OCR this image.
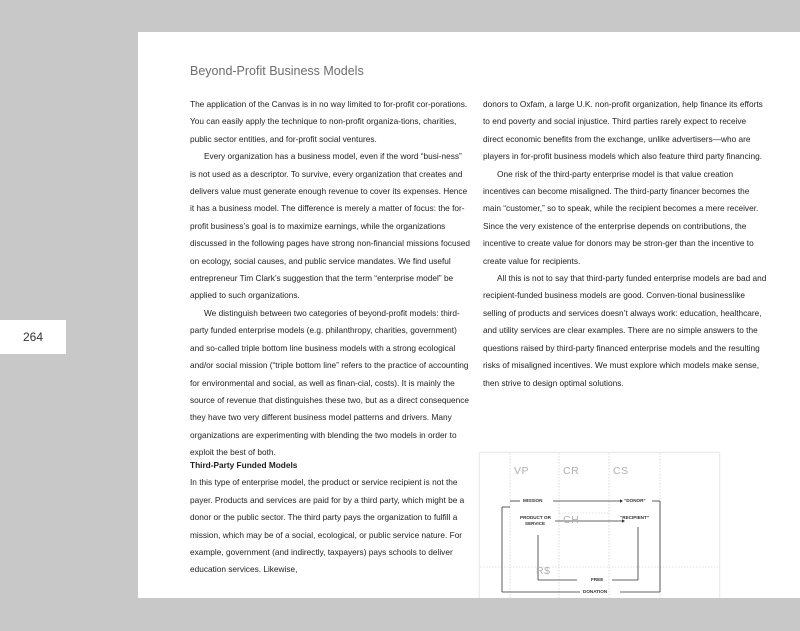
Beyond-Profit Business Models

The application of the Canvas is in no way limited to for-profit cor-porations. You can easily apply the technique to non-profit organiza-tions, charities, public sector entities, and for-profit social ventures.

Every organization has a business model, even if the word “busi-ness” is not used as a descriptor. To survive, every organization that creates and delivers value must generate enough revenue to cover its expenses. Hence it has a business model. The difference is merely a matter of focus: the for-profit business’s goal is to maximize earnings, while the organizations discussed in the following pages have strong non-financial missions focused on ecology, social causes, and public service mandates. We find useful entrepreneur Tim Clark’s suggestion that the term “enterprise model” be applied to such organizations.

We distinguish between two categories of beyond-profit models: third-party funded enterprise models (e.g. philanthropy, charities, government) and so-called triple bottom line business models with a strong ecological and/or social mission (“triple bottom line” refers to the practice of accounting for environmental and social, as well as finan-cial, costs). It is mainly the source of revenue that distinguishes these two, but as a direct consequence they have two very different business model patterns and drivers. Many organizations are experimenting with blending the two models in order to exploit the best of both.

donors to Oxfam, a large U.K. non-profit organization, help finance its efforts to end poverty and social injustice. Third parties rarely expect to receive direct economic benefits from the exchange, unlike advertisers—who are players in for-profit business models which also feature third party financing.

One risk of the third-party enterprise model is that value creation incentives can become misaligned. The third-party financer becomes the main “customer,” so to speak, while the recipient becomes a mere receiver. Since the very existence of the enterprise depends on contributions, the incentive to create value for donors may be stron-ger than the incentive to create value for recipients.

All this is not to say that third-party funded enterprise models are bad and recipient-funded business models are good. Conven-tional businesslike selling of products and services doesn’t always work: education, healthcare, and utility services are clear examples. There are no simple answers to the questions raised by third-party financed enterprise models and the resulting risks of misaligned incentives. We must explore which models make sense, then strive to design optimal solutions.

Third-Party Funded Models

In this type of enterprise model, the product or service recipient is not the payer. Products and services are paid for by a third party, which might be a donor or the public sector. The third party pays the organization to fulfill a mission, which may be of a social, ecological, or public service nature. For example, government (and indirectly, taxpayers) pays schools to deliver education services. Likewise,

VP	CR	CS
CH
R$
MISSION	“DONOR”
PRODUCT OR
SERVICE
“RECIPIENT”
FREE
DONATION
264
